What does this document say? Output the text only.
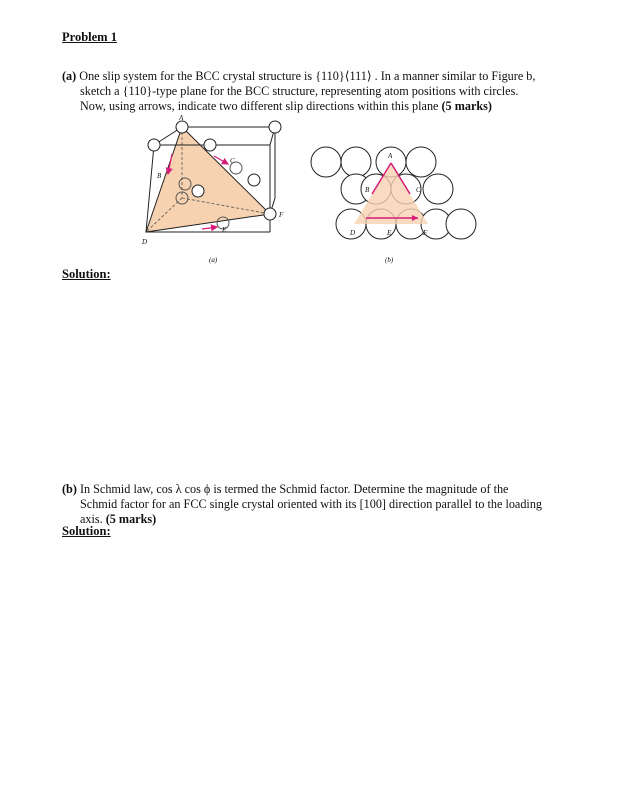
Problem 1
(a) One slip system for the BCC crystal structure is {110}⟨111⟩ . In a manner similar to Figure b,
sketch a {110}-type plane for the BCC structure, representing atom positions with circles.
Now, using arrows, indicate two different slip directions within this plane (5 marks)
A
B
C
D
E
F
(a)
A
B	C
D	E	F
(b)
Solution:
(b) In Schmid law, cos λ cos ϕ is termed the Schmid factor. Determine the magnitude of the
Schmid factor for an FCC single crystal oriented with its [100] direction parallel to the loading
axis. (5 marks)
Solution:
